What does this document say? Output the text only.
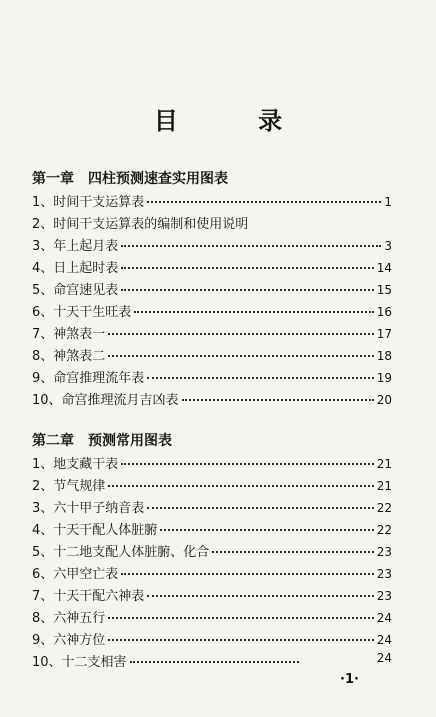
目 录
第一章　四柱预测速查实用图表
1、时间干支运算表	1
2、时间干支运算表的编制和使用说明
3、年上起月表	3
4、日上起时表	14
5、命宫速见表	15
6、十天干生旺表	16
7、神煞表一	17
8、神煞表二	18
9、命宫推理流年表	19
10、命宫推理流月吉凶表	20
第二章　预测常用图表
1、地支藏干表	21
2、节气规律	21
3、六十甲子纳音表	22
4、十天干配人体脏腑	22
5、十二地支配人体脏腑、化合	23
6、六甲空亡表	23
7、十天干配六神表	23
8、六神五行	24
9、六神方位	24
10、十二支相害	24
·1·
